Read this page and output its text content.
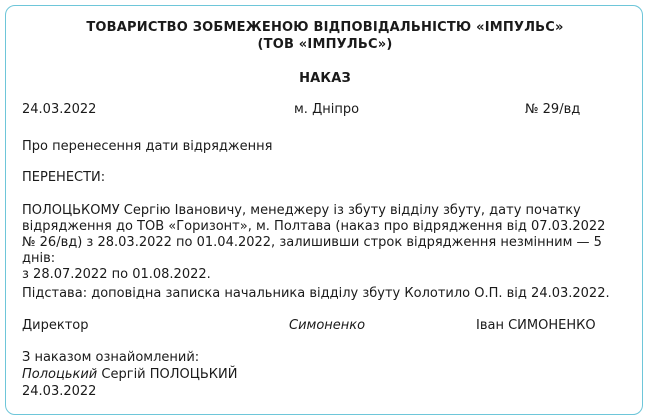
ТОВАРИСТВО ЗОБМЕЖЕНОЮ ВІДПОВІДАЛЬНІСТЮ «ІМПУЛЬС»
(ТОВ «ІМПУЛЬС»)
НАКАЗ
24.03.2022	м. Дніпро	№ 29/вд
Про перенесення дати відрядження
ПЕРЕНЕСТИ:
ПОЛОЦЬКОМУ Сергію Івановичу, менеджеру із збуту відділу збуту, дату початку
відрядження до ТОВ «Горизонт», м. Полтава (наказ про відрядження від 07.03.2022
№ 26/вд) з 28.03.2022 по 01.04.2022, залишивши строк відрядження незмінним — 5 днів:
з 28.07.2022 по 01.08.2022.
Підстава: доповідна записка начальника відділу збуту Колотило О.П. від 24.03.2022.
Директор	Симоненко	Іван СИМОНЕНКО
З наказом ознайомлений:
Полоцький Сергій ПОЛОЦЬКИЙ
24.03.2022
